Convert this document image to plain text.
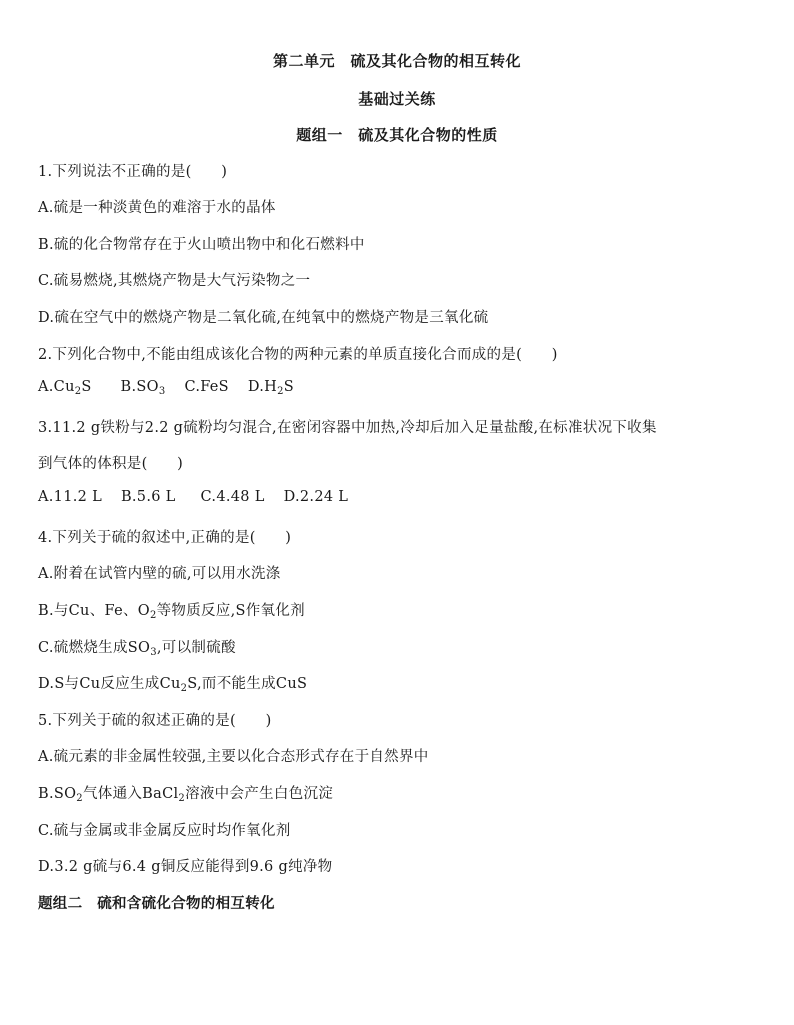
第二单元　硫及其化合物的相互转化
基础过关练
题组一　硫及其化合物的性质
1.下列说法不正确的是(　　)
A.硫是一种淡黄色的难溶于水的晶体
B.硫的化合物常存在于火山喷出物中和化石燃料中
C.硫易燃烧,其燃烧产物是大气污染物之一
D.硫在空气中的燃烧产物是二氧化硫,在纯氧中的燃烧产物是三氧化硫
2.下列化合物中,不能由组成该化合物的两种元素的单质直接化合而成的是(　　)
$A.Cu_2S$ $B.SO_3$ C.FeS $D.H_2S$
3.11.2 g铁粉与2.2 g硫粉均匀混合,在密闭容器中加热,冷却后加入足量盐酸,在标准状况下收集
到气体的体积是(　　)
A.11.2 L B.5.6 L C.4.48 L D.2.24 L
4.下列关于硫的叙述中,正确的是(　　)
A.附着在试管内壁的硫,可以用水洗涤
B.与Cu、Fe、$O_2$等物质反应,S作氧化剂
C.硫燃烧生成$SO_3$,可以制硫酸
D.S与Cu反应生成$Cu_2S$,而不能生成CuS
5.下列关于硫的叙述正确的是(　　)
A.硫元素的非金属性较强,主要以化合态形式存在于自然界中
$B.SO_2$气体通入BaCl$_2$溶液中会产生白色沉淀
C.硫与金属或非金属反应时均作氧化剂
D.3.2 g硫与6.4 g铜反应能得到9.6 g纯净物
题组二　硫和含硫化合物的相互转化
